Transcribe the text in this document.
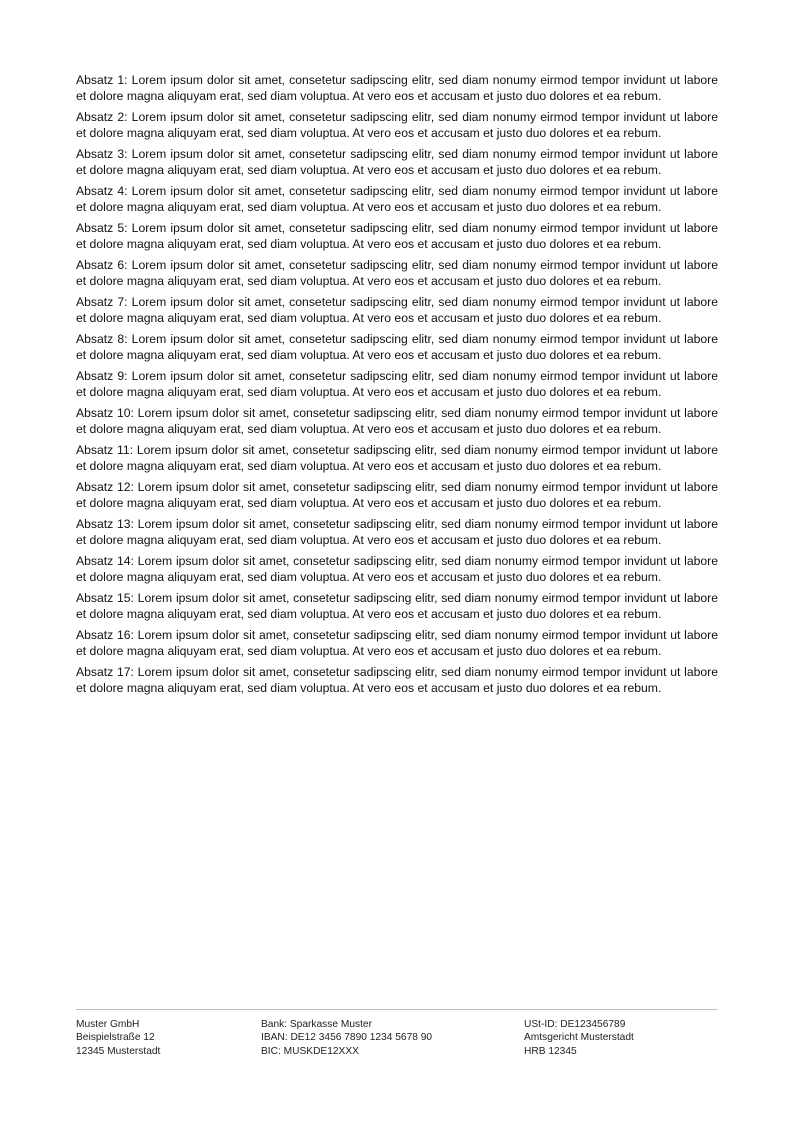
Absatz 1: Lorem ipsum dolor sit amet, consetetur sadipscing elitr, sed diam nonumy eirmod tempor invidunt ut labore et dolore magna aliquyam erat, sed diam voluptua. At vero eos et accusam et justo duo dolores et ea rebum.

Absatz 2: Lorem ipsum dolor sit amet, consetetur sadipscing elitr, sed diam nonumy eirmod tempor invidunt ut labore et dolore magna aliquyam erat, sed diam voluptua. At vero eos et accusam et justo duo dolores et ea rebum.

Absatz 3: Lorem ipsum dolor sit amet, consetetur sadipscing elitr, sed diam nonumy eirmod tempor invidunt ut labore et dolore magna aliquyam erat, sed diam voluptua. At vero eos et accusam et justo duo dolores et ea rebum.

Absatz 4: Lorem ipsum dolor sit amet, consetetur sadipscing elitr, sed diam nonumy eirmod tempor invidunt ut labore et dolore magna aliquyam erat, sed diam voluptua. At vero eos et accusam et justo duo dolores et ea rebum.

Absatz 5: Lorem ipsum dolor sit amet, consetetur sadipscing elitr, sed diam nonumy eirmod tempor invidunt ut labore et dolore magna aliquyam erat, sed diam voluptua. At vero eos et accusam et justo duo dolores et ea rebum.

Absatz 6: Lorem ipsum dolor sit amet, consetetur sadipscing elitr, sed diam nonumy eirmod tempor invidunt ut labore et dolore magna aliquyam erat, sed diam voluptua. At vero eos et accusam et justo duo dolores et ea rebum.

Absatz 7: Lorem ipsum dolor sit amet, consetetur sadipscing elitr, sed diam nonumy eirmod tempor invidunt ut labore et dolore magna aliquyam erat, sed diam voluptua. At vero eos et accusam et justo duo dolores et ea rebum.

Absatz 8: Lorem ipsum dolor sit amet, consetetur sadipscing elitr, sed diam nonumy eirmod tempor invidunt ut labore et dolore magna aliquyam erat, sed diam voluptua. At vero eos et accusam et justo duo dolores et ea rebum.

Absatz 9: Lorem ipsum dolor sit amet, consetetur sadipscing elitr, sed diam nonumy eirmod tempor invidunt ut labore et dolore magna aliquyam erat, sed diam voluptua. At vero eos et accusam et justo duo dolores et ea rebum.

Absatz 10: Lorem ipsum dolor sit amet, consetetur sadipscing elitr, sed diam nonumy eirmod tempor invidunt ut labore et dolore magna aliquyam erat, sed diam voluptua. At vero eos et accusam et justo duo dolores et ea rebum.

Absatz 11: Lorem ipsum dolor sit amet, consetetur sadipscing elitr, sed diam nonumy eirmod tempor invidunt ut labore et dolore magna aliquyam erat, sed diam voluptua. At vero eos et accusam et justo duo dolores et ea rebum.

Absatz 12: Lorem ipsum dolor sit amet, consetetur sadipscing elitr, sed diam nonumy eirmod tempor invidunt ut labore et dolore magna aliquyam erat, sed diam voluptua. At vero eos et accusam et justo duo dolores et ea rebum.

Absatz 13: Lorem ipsum dolor sit amet, consetetur sadipscing elitr, sed diam nonumy eirmod tempor invidunt ut labore et dolore magna aliquyam erat, sed diam voluptua. At vero eos et accusam et justo duo dolores et ea rebum.

Absatz 14: Lorem ipsum dolor sit amet, consetetur sadipscing elitr, sed diam nonumy eirmod tempor invidunt ut labore et dolore magna aliquyam erat, sed diam voluptua. At vero eos et accusam et justo duo dolores et ea rebum.

Absatz 15: Lorem ipsum dolor sit amet, consetetur sadipscing elitr, sed diam nonumy eirmod tempor invidunt ut labore et dolore magna aliquyam erat, sed diam voluptua. At vero eos et accusam et justo duo dolores et ea rebum.

Absatz 16: Lorem ipsum dolor sit amet, consetetur sadipscing elitr, sed diam nonumy eirmod tempor invidunt ut labore et dolore magna aliquyam erat, sed diam voluptua. At vero eos et accusam et justo duo dolores et ea rebum.

Absatz 17: Lorem ipsum dolor sit amet, consetetur sadipscing elitr, sed diam nonumy eirmod tempor invidunt ut labore et dolore magna aliquyam erat, sed diam voluptua. At vero eos et accusam et justo duo dolores et ea rebum.

Muster GmbH
Beispielstraße 12
12345 Musterstadt
Bank: Sparkasse Muster
IBAN: DE12 3456 7890 1234 5678 90
BIC: MUSKDE12XXX
USt-ID: DE123456789
Amtsgericht Musterstadt
HRB 12345
